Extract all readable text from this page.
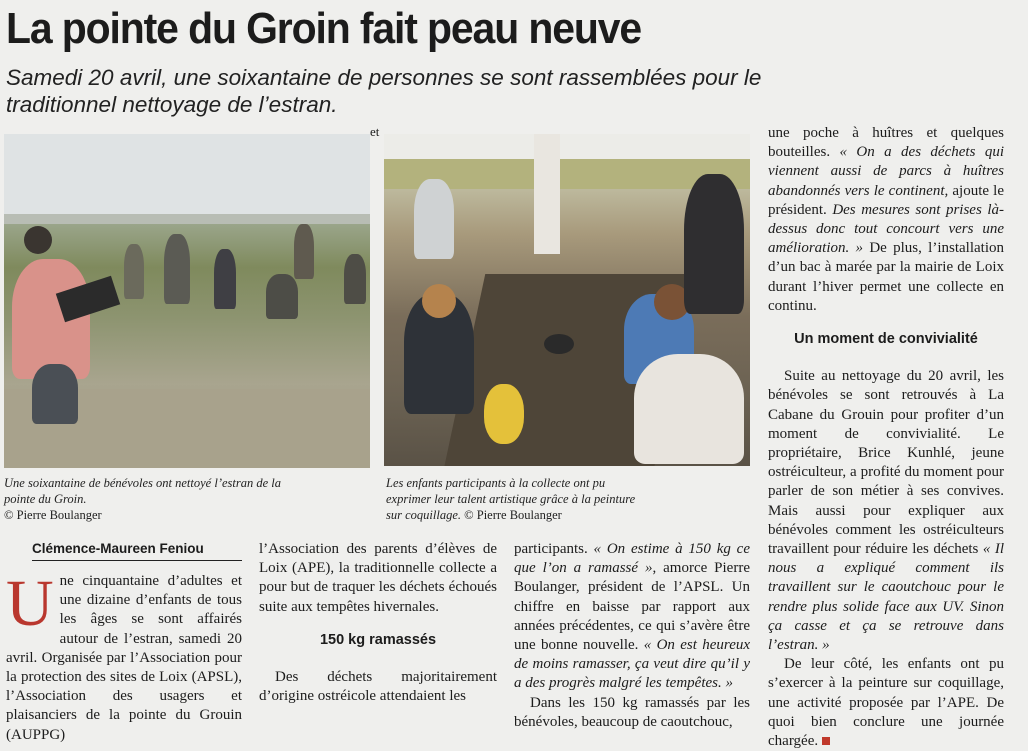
La pointe du Groin fait peau neuve
Samedi 20 avril, une soixantaine de personnes se sont rassemblées pour le traditionnel nettoyage de l’estran.
et
Une soixantaine de bénévoles ont nettoyé l’estran de la pointe du Groin.
© Pierre Boulanger
Les enfants participants à la collecte ont pu exprimer leur talent artistique grâce à la peinture sur coquillage. © Pierre Boulanger
Clémence-Maureen Feniou
U ne cinquantaine d’adultes et une dizaine d’enfants de tous les âges se sont affairés autour de l’estran, samedi 20 avril. Organisée par l’Association pour la protection des sites de Loix (APSL), l’Association des usagers et plaisanciers de la pointe du Grouin (AUPPG)

l’Association des parents d’élèves de Loix (APE), la traditionnelle collecte a pour but de traquer les déchets échoués suite aux tempêtes hivernales.

150 kg ramassés

Des déchets majoritairement d’origine ostréicole attendaient les

participants. « On estime à 150 kg ce que l’on a ramassé », amorce Pierre Boulanger, président de l’APSL. Un chiffre en baisse par rapport aux années précédentes, ce qui s’avère être une bonne nouvelle. « On est heureux de moins ramasser, ça veut dire qu’il y a des progrès malgré les tempêtes. »

Dans les 150 kg ramassés par les bénévoles, beaucoup de caoutchouc,

une poche à huîtres et quelques bouteilles. « On a des déchets qui viennent aussi de parcs à huîtres abandonnés vers le continent, ajoute le président. Des mesures sont prises là-dessus donc tout concourt vers une amélioration. » De plus, l’installation d’un bac à marée par la mairie de Loix durant l’hiver permet une collecte en continu.

Un moment de convivialité

Suite au nettoyage du 20 avril, les bénévoles se sont retrouvés à La Cabane du Grouin pour profiter d’un moment de convivialité. Le propriétaire, Brice Kunhlé, jeune ostréiculteur, a profité du moment pour parler de son métier à ses convives. Mais aussi pour expliquer aux bénévoles comment les ostréiculteurs travaillent pour réduire les déchets « Il nous a expliqué comment ils travaillent sur le caoutchouc pour le rendre plus solide face aux UV. Sinon ça casse et ça se retrouve dans l’estran. »

De leur côté, les enfants ont pu s’exercer à la peinture sur coquillage, une activité proposée par l’APE. De quoi bien conclure une journée chargée.
